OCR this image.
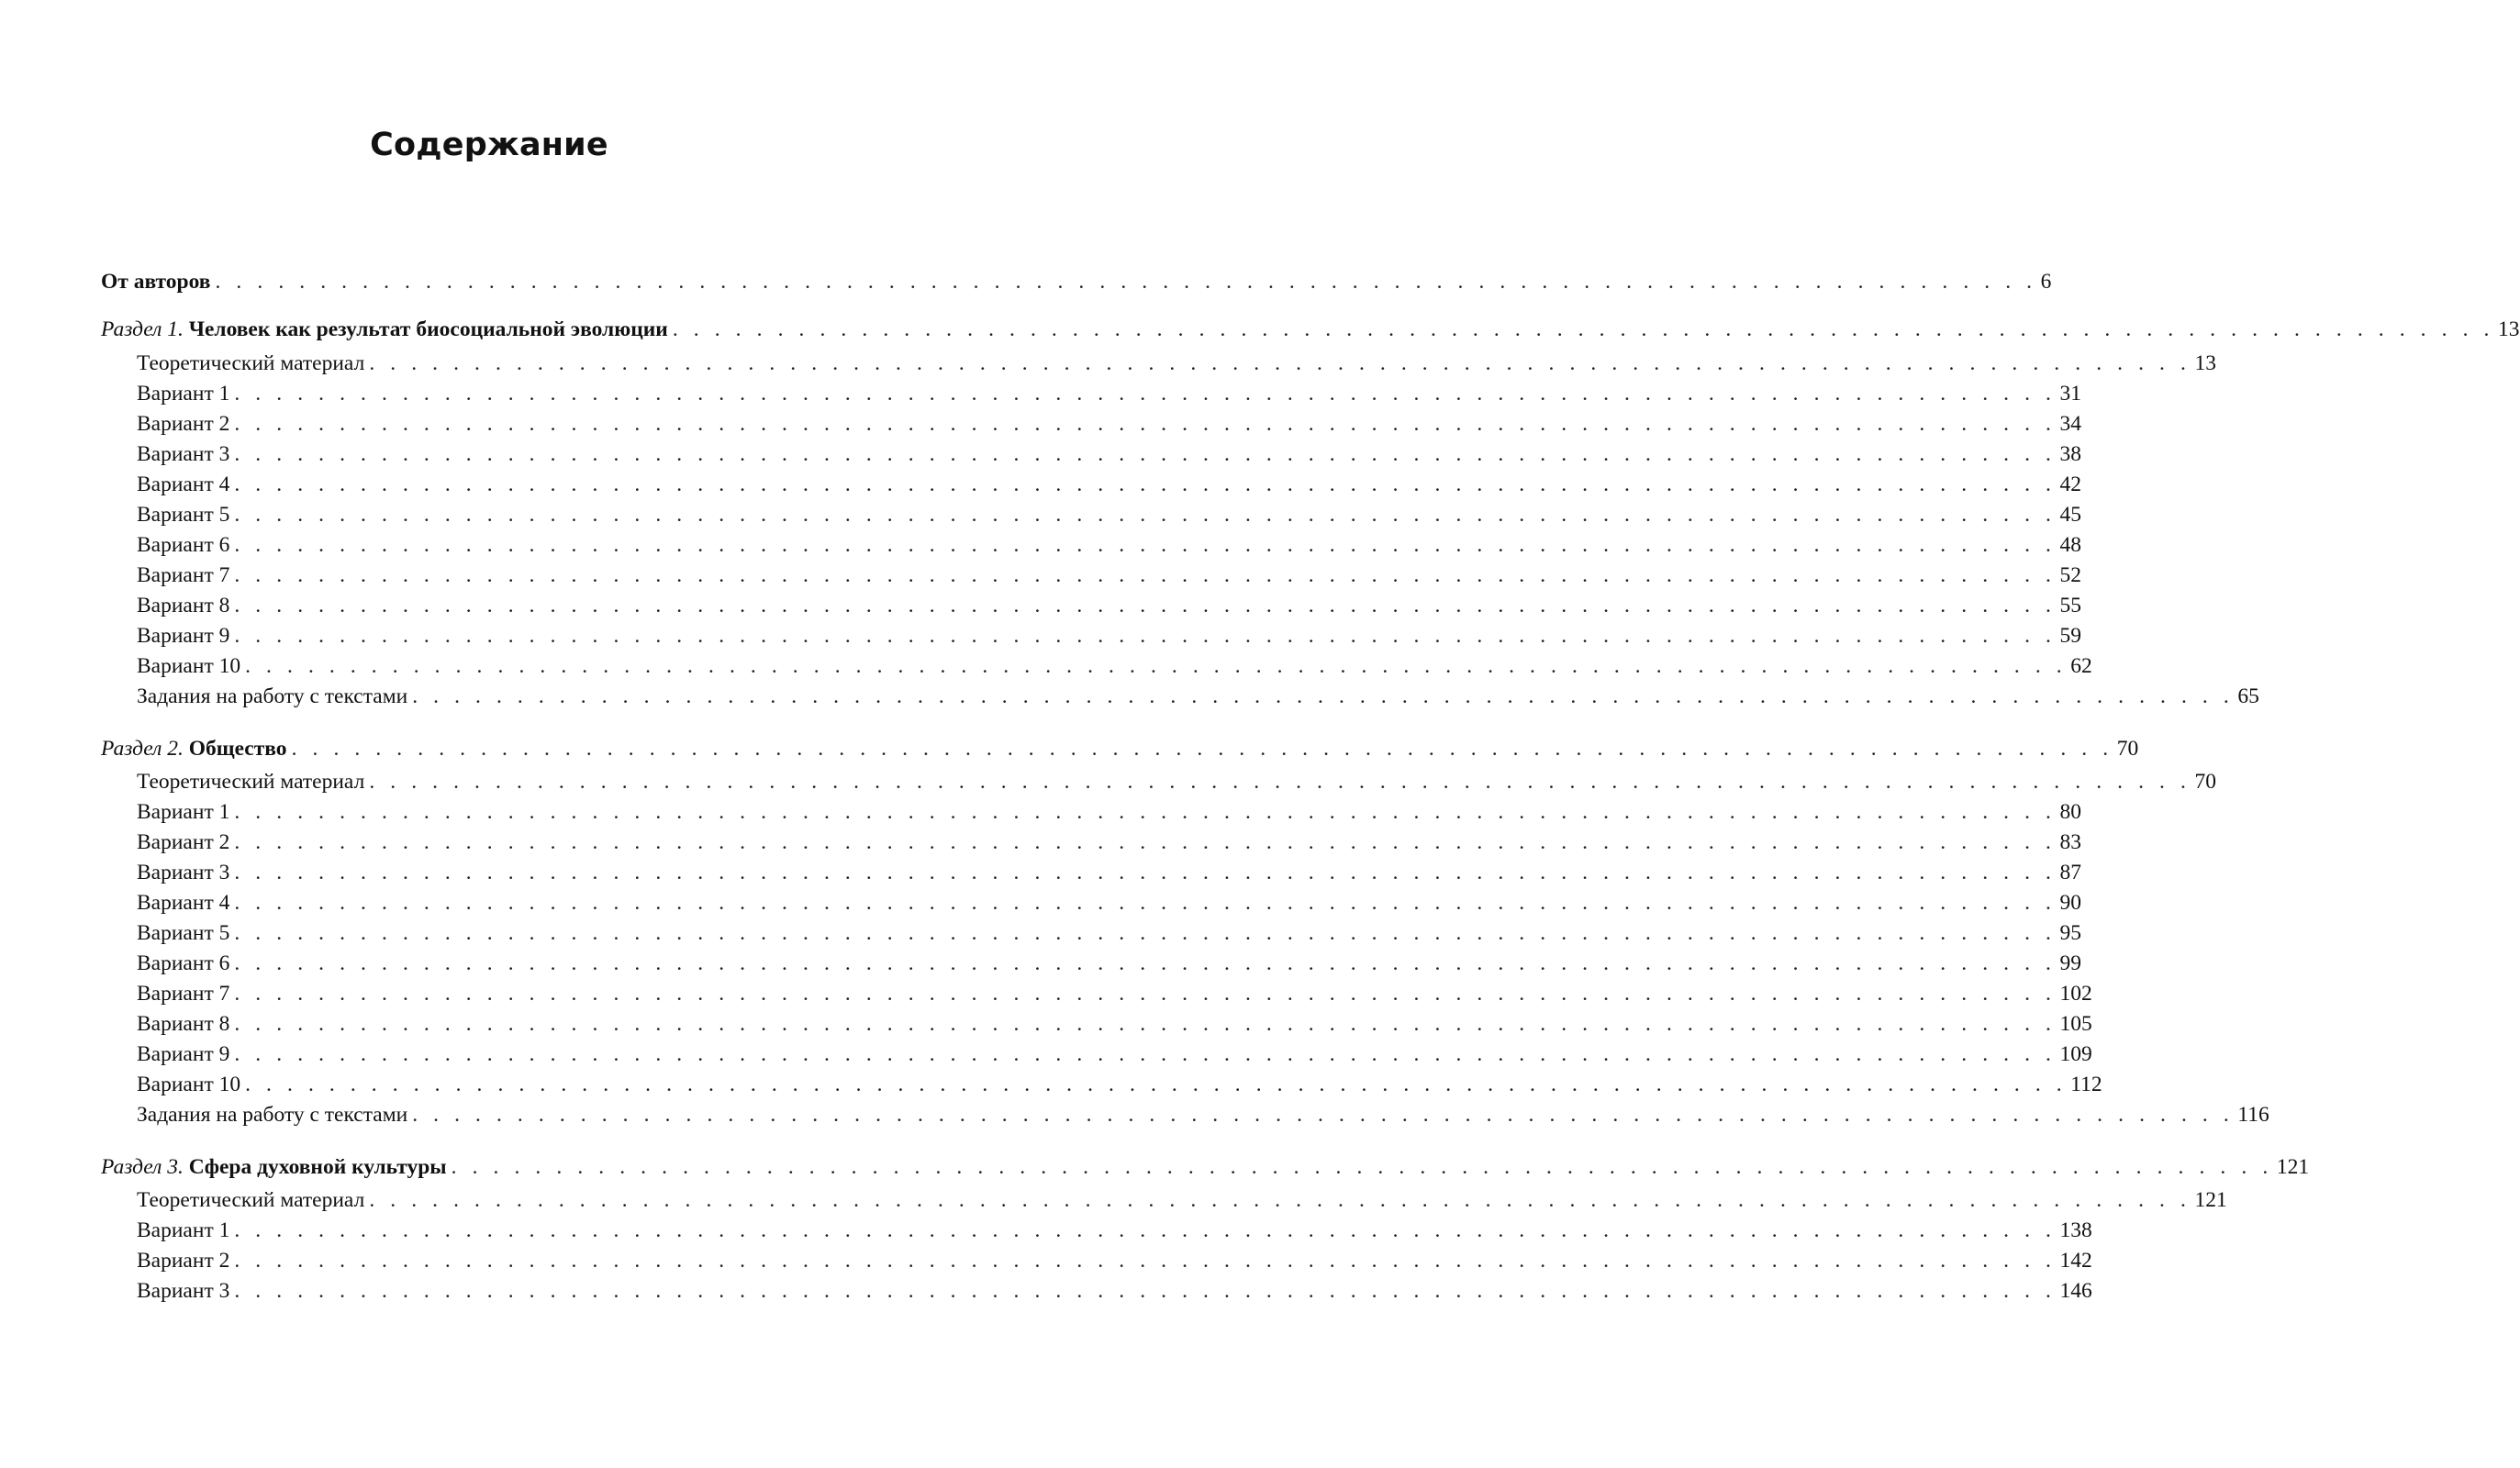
Содержание
От авторов . . . . . . . . . . . . . . . . . . . . . . . . . . . . . . . . . . . . . . . . . . . . . . . . . . . . . . . . . . . . . . . . . . . . . . . . . . . . . . . . . . . . . . . 6
Раздел 1. Человек как результат биосоциальной эволюции . . . . . . . . . . . . . . . . . . . . . . . . . . . . . . . . . . . . . . . . . . . . . . . . . . . . . . . . . . . . . . . . . . . . . . . . . . . . . . . . . . . . . . . 13
Теоретический материал . . . . . . . . . . . . . . . . . . . . . . . . . . . . . . . . . . . . . . . . . . . . . . . . . . . . . . . . . . . . . . . . . . . . . . . . . . . . . . . . . . . . . . . 13
Вариант 1 . . . . . . . . . . . . . . . . . . . . . . . . . . . . . . . . . . . . . . . . . . . . . . . . . . . . . . . . . . . . . . . . . . . . . . . . . . . . . . . . . . . . . . . 31
Вариант 2 . . . . . . . . . . . . . . . . . . . . . . . . . . . . . . . . . . . . . . . . . . . . . . . . . . . . . . . . . . . . . . . . . . . . . . . . . . . . . . . . . . . . . . . 34
Вариант 3 . . . . . . . . . . . . . . . . . . . . . . . . . . . . . . . . . . . . . . . . . . . . . . . . . . . . . . . . . . . . . . . . . . . . . . . . . . . . . . . . . . . . . . . 38
Вариант 4 . . . . . . . . . . . . . . . . . . . . . . . . . . . . . . . . . . . . . . . . . . . . . . . . . . . . . . . . . . . . . . . . . . . . . . . . . . . . . . . . . . . . . . . 42
Вариант 5 . . . . . . . . . . . . . . . . . . . . . . . . . . . . . . . . . . . . . . . . . . . . . . . . . . . . . . . . . . . . . . . . . . . . . . . . . . . . . . . . . . . . . . . 45
Вариант 6 . . . . . . . . . . . . . . . . . . . . . . . . . . . . . . . . . . . . . . . . . . . . . . . . . . . . . . . . . . . . . . . . . . . . . . . . . . . . . . . . . . . . . . . 48
Вариант 7 . . . . . . . . . . . . . . . . . . . . . . . . . . . . . . . . . . . . . . . . . . . . . . . . . . . . . . . . . . . . . . . . . . . . . . . . . . . . . . . . . . . . . . . 52
Вариант 8 . . . . . . . . . . . . . . . . . . . . . . . . . . . . . . . . . . . . . . . . . . . . . . . . . . . . . . . . . . . . . . . . . . . . . . . . . . . . . . . . . . . . . . . 55
Вариант 9 . . . . . . . . . . . . . . . . . . . . . . . . . . . . . . . . . . . . . . . . . . . . . . . . . . . . . . . . . . . . . . . . . . . . . . . . . . . . . . . . . . . . . . . 59
Вариант 10 . . . . . . . . . . . . . . . . . . . . . . . . . . . . . . . . . . . . . . . . . . . . . . . . . . . . . . . . . . . . . . . . . . . . . . . . . . . . . . . . . . . . . . . 62
Задания на работу с текстами . . . . . . . . . . . . . . . . . . . . . . . . . . . . . . . . . . . . . . . . . . . . . . . . . . . . . . . . . . . . . . . . . . . . . . . . . . . . . . . . . . . . . . . 65
Раздел 2. Общество . . . . . . . . . . . . . . . . . . . . . . . . . . . . . . . . . . . . . . . . . . . . . . . . . . . . . . . . . . . . . . . . . . . . . . . . . . . . . . . . . . . . . . . 70
Теоретический материал . . . . . . . . . . . . . . . . . . . . . . . . . . . . . . . . . . . . . . . . . . . . . . . . . . . . . . . . . . . . . . . . . . . . . . . . . . . . . . . . . . . . . . . 70
Вариант 1 . . . . . . . . . . . . . . . . . . . . . . . . . . . . . . . . . . . . . . . . . . . . . . . . . . . . . . . . . . . . . . . . . . . . . . . . . . . . . . . . . . . . . . . 80
Вариант 2 . . . . . . . . . . . . . . . . . . . . . . . . . . . . . . . . . . . . . . . . . . . . . . . . . . . . . . . . . . . . . . . . . . . . . . . . . . . . . . . . . . . . . . . 83
Вариант 3 . . . . . . . . . . . . . . . . . . . . . . . . . . . . . . . . . . . . . . . . . . . . . . . . . . . . . . . . . . . . . . . . . . . . . . . . . . . . . . . . . . . . . . . 87
Вариант 4 . . . . . . . . . . . . . . . . . . . . . . . . . . . . . . . . . . . . . . . . . . . . . . . . . . . . . . . . . . . . . . . . . . . . . . . . . . . . . . . . . . . . . . . 90
Вариант 5 . . . . . . . . . . . . . . . . . . . . . . . . . . . . . . . . . . . . . . . . . . . . . . . . . . . . . . . . . . . . . . . . . . . . . . . . . . . . . . . . . . . . . . . 95
Вариант 6 . . . . . . . . . . . . . . . . . . . . . . . . . . . . . . . . . . . . . . . . . . . . . . . . . . . . . . . . . . . . . . . . . . . . . . . . . . . . . . . . . . . . . . . 99
Вариант 7 . . . . . . . . . . . . . . . . . . . . . . . . . . . . . . . . . . . . . . . . . . . . . . . . . . . . . . . . . . . . . . . . . . . . . . . . . . . . . . . . . . . . . . . 102
Вариант 8 . . . . . . . . . . . . . . . . . . . . . . . . . . . . . . . . . . . . . . . . . . . . . . . . . . . . . . . . . . . . . . . . . . . . . . . . . . . . . . . . . . . . . . . 105
Вариант 9 . . . . . . . . . . . . . . . . . . . . . . . . . . . . . . . . . . . . . . . . . . . . . . . . . . . . . . . . . . . . . . . . . . . . . . . . . . . . . . . . . . . . . . . 109
Вариант 10 . . . . . . . . . . . . . . . . . . . . . . . . . . . . . . . . . . . . . . . . . . . . . . . . . . . . . . . . . . . . . . . . . . . . . . . . . . . . . . . . . . . . . . . 112
Задания на работу с текстами . . . . . . . . . . . . . . . . . . . . . . . . . . . . . . . . . . . . . . . . . . . . . . . . . . . . . . . . . . . . . . . . . . . . . . . . . . . . . . . . . . . . . . . 116
Раздел 3. Сфера духовной культуры . . . . . . . . . . . . . . . . . . . . . . . . . . . . . . . . . . . . . . . . . . . . . . . . . . . . . . . . . . . . . . . . . . . . . . . . . . . . . . . . . . . . . . . 121
Теоретический материал . . . . . . . . . . . . . . . . . . . . . . . . . . . . . . . . . . . . . . . . . . . . . . . . . . . . . . . . . . . . . . . . . . . . . . . . . . . . . . . . . . . . . . . 121
Вариант 1 . . . . . . . . . . . . . . . . . . . . . . . . . . . . . . . . . . . . . . . . . . . . . . . . . . . . . . . . . . . . . . . . . . . . . . . . . . . . . . . . . . . . . . . 138
Вариант 2 . . . . . . . . . . . . . . . . . . . . . . . . . . . . . . . . . . . . . . . . . . . . . . . . . . . . . . . . . . . . . . . . . . . . . . . . . . . . . . . . . . . . . . . 142
Вариант 3 . . . . . . . . . . . . . . . . . . . . . . . . . . . . . . . . . . . . . . . . . . . . . . . . . . . . . . . . . . . . . . . . . . . . . . . . . . . . . . . . . . . . . . . 146
